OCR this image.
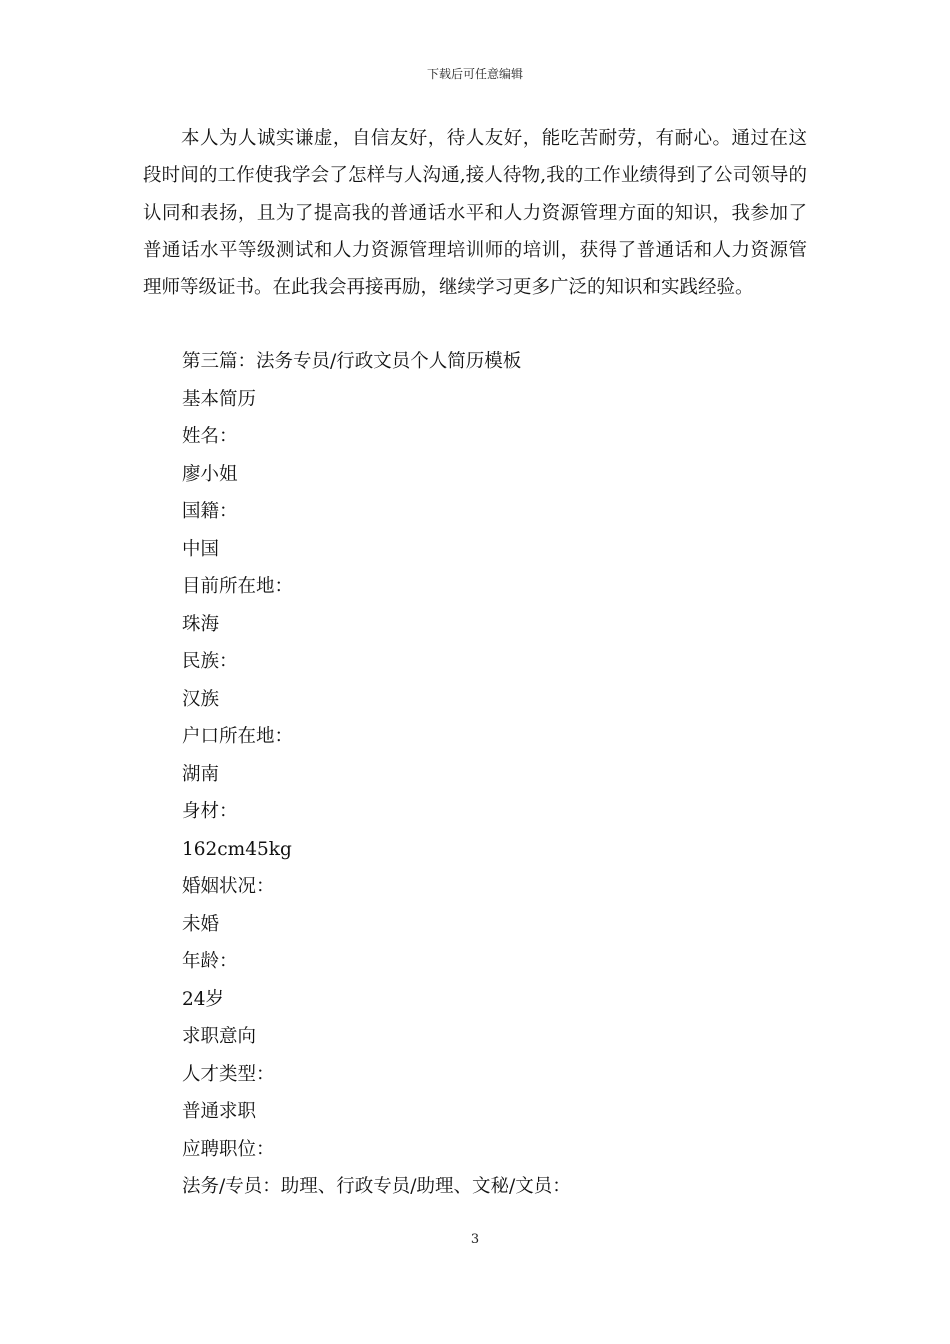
下载后可任意编辑

本人为人诚实谦虚，自信友好，待人友好，能吃苦耐劳，有耐心。通过在这段时间的工作使我学会了怎样与人沟通,接人待物,我的工作业绩得到了公司领导的认同和表扬，且为了提高我的普通话水平和人力资源管理方面的知识，我参加了普通话水平等级测试和人力资源管理培训师的培训，获得了普通话和人力资源管理师等级证书。在此我会再接再励，继续学习更多广泛的知识和实践经验。

第三篇：法务专员/行政文员个人简历模板
基本简历
姓名：
廖小姐
国籍：
中国
目前所在地：
珠海
民族：
汉族
户口所在地：
湖南
身材：
162cm45kg
婚姻状况：
未婚
年龄：
24岁
求职意向
人才类型：
普通求职
应聘职位：
法务/专员：助理、行政专员/助理、文秘/文员：
3
